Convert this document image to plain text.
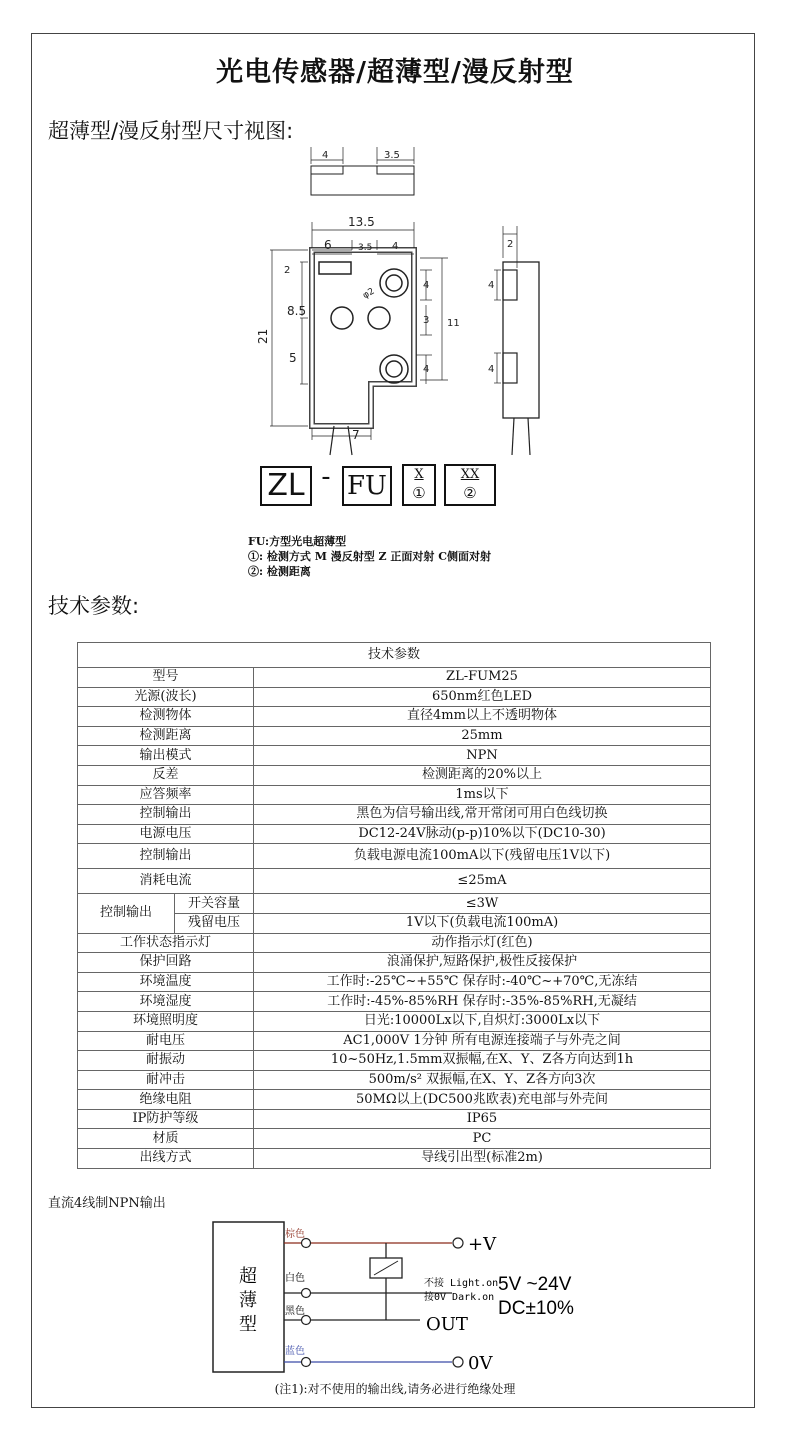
光电传感器/超薄型/漫反射型
超薄型/漫反射型尺寸视图:
4	3.5
13.5
6	3.5 4
2
8.5
5
21
φ2
4
3 11
4
7
2
4
4
ZL - FU	X
①
XX
②
FU:方型光电超薄型
①: 检测方式 M 漫反射型 Z 正面对射 C侧面对射
②: 检测距离
技术参数:
技术参数		
型号		ZL-FUM25
光源(波长)		650nm红色LED
检测物体		直径4mm以上不透明物体
检测距离		25mm
输出模式		NPN
反差		检测距离的20%以上
应答频率		1ms以下
控制输出		黑色为信号输出线,常开常闭可用白色线切换
电源电压		DC12-24V脉动(p-p)10%以下(DC10-30)
控制输出		负载电源电流100mA以下(残留电压1V以下)
消耗电流		≤25mA
控制输出	开关容量	≤3W
	残留电压	1V以下(负载电流100mA)
工作状态指示灯		动作指示灯(红色)
保护回路		浪涌保护,短路保护,极性反接保护
环境温度		工作时:-25℃~+55℃ 保存时:-40℃~+70℃,无冻结
环境湿度		工作时:-45%-85%RH 保存时:-35%-85%RH,无凝结
环境照明度		日光:10000Lx以下,自炽灯:3000Lx以下
耐电压		AC1,000V 1分钟 所有电源连接端子与外壳之间
耐振动		10~50Hz,1.5mm双振幅,在X、Y、Z各方向达到1h
耐冲击		500m/s² 双振幅,在X、Y、Z各方向3次
绝缘电阻		50MΩ以上(DC500兆欧表)充电部与外壳间
IP防护等级		IP65
材质		PC
出线方式		导线引出型(标准2m)
直流4线制NPN输出
超
薄
型
棕色
白色
黑色
蓝色
+V
OUT
0V
不接 Light.on
接0V Dark.on
5V ~24V
DC±10%
(注1):对不使用的输出线,请务必进行绝缘处理
